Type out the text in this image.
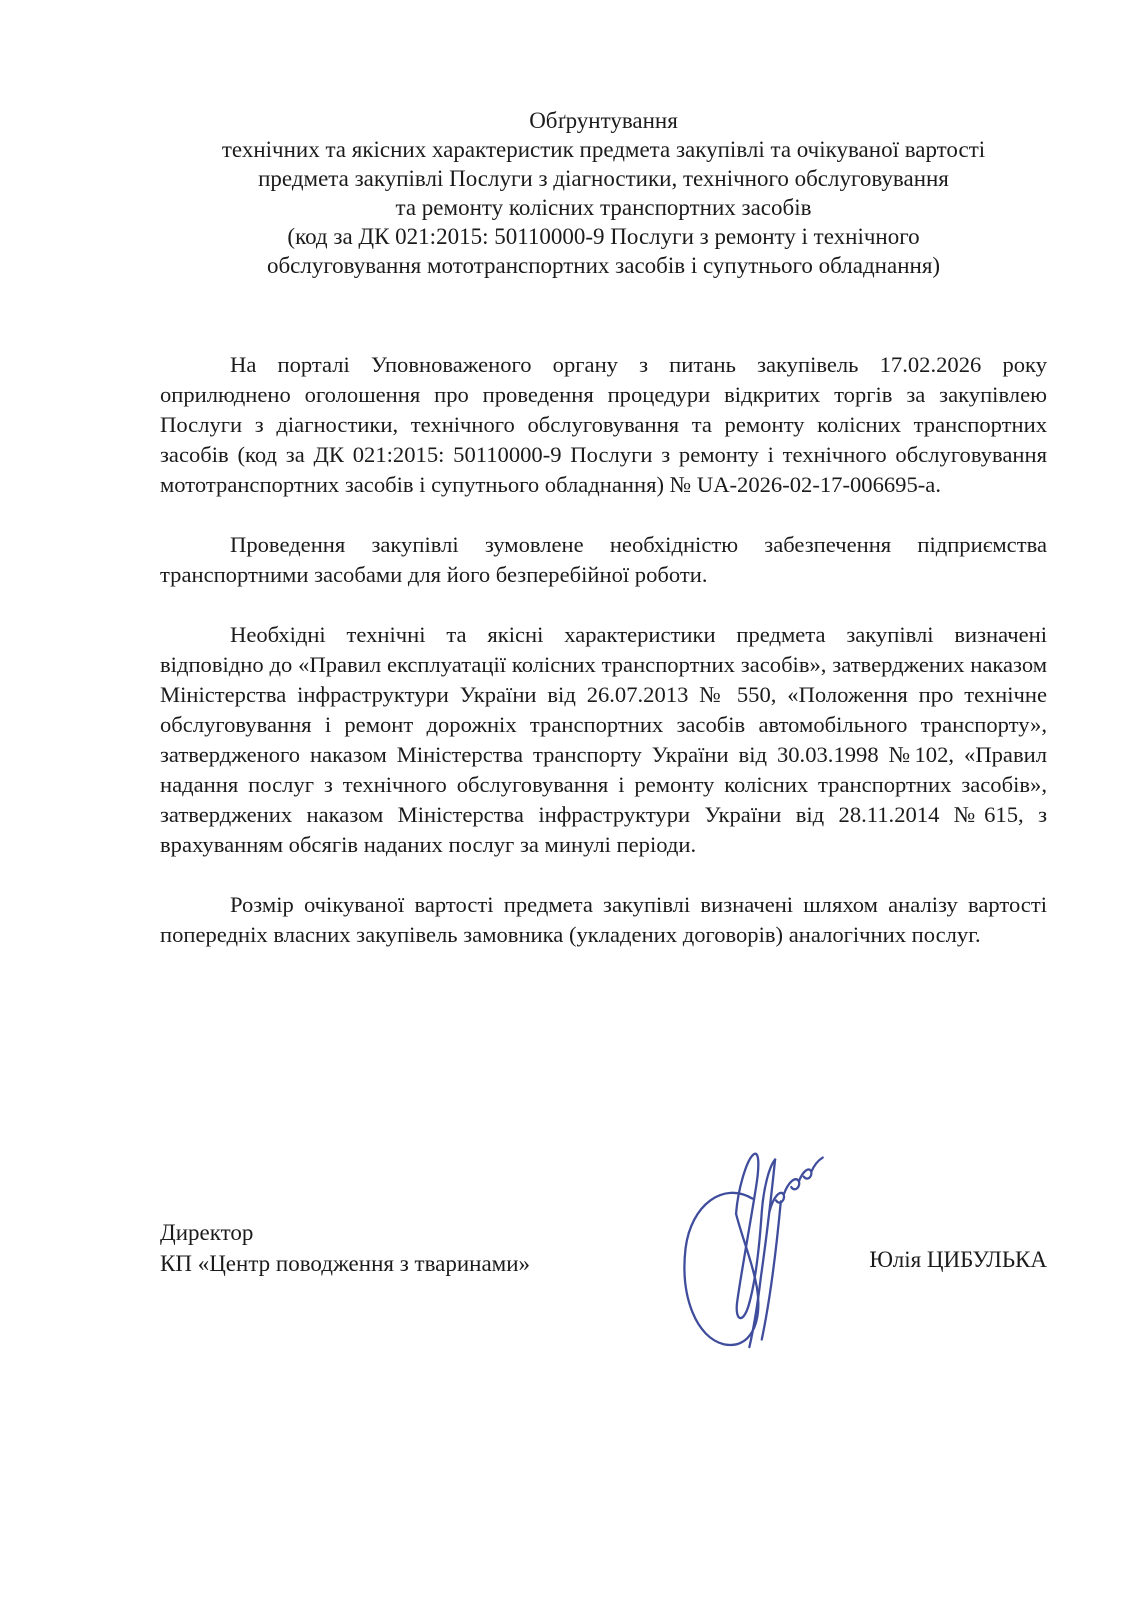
Обґрунтування
технічних та якісних характеристик предмета закупівлі та очікуваної вартості
предмета закупівлі Послуги з діагностики, технічного обслуговування
та ремонту колісних транспортних засобів
(код за ДК 021:2015: 50110000-9 Послуги з ремонту і технічного
обслуговування мототранспортних засобів і супутнього обладнання)

На порталі Уповноваженого органу з питань закупівель 17.02.2026 року оприлюднено оголошення про проведення процедури відкритих торгів за закупівлею Послуги з діагностики, технічного обслуговування та ремонту колісних транспортних засобів (код за ДК 021:2015: 50110000-9 Послуги з ремонту і технічного обслуговування мототранспортних засобів і супутнього обладнання) № UA-2026-02-17-006695-a.

Проведення закупівлі зумовлене необхідністю забезпечення підприємства транспортними засобами для його безперебійної роботи.

Необхідні технічні та якісні характеристики предмета закупівлі визначені відповідно до «Правил експлуатації колісних транспортних засобів», затверджених наказом Міністерства інфраструктури України від 26.07.2013 № 550, «Положення про технічне обслуговування і ремонт дорожніх транспортних засобів автомобільного транспорту», затвердженого наказом Міністерства транспорту України від 30.03.1998 №102, «Правил надання послуг з технічного обслуговування і ремонту колісних транспортних засобів», затверджених наказом Міністерства інфраструктури України від 28.11.2014 №615, з врахуванням обсягів наданих послуг за минулі періоди.

Розмір очікуваної вартості предмета закупівлі визначені шляхом аналізу вартості попередніх власних закупівель замовника (укладених договорів) аналогічних послуг.

Директор
КП «Центр поводження з тваринами»	Юлія ЦИБУЛЬКА
